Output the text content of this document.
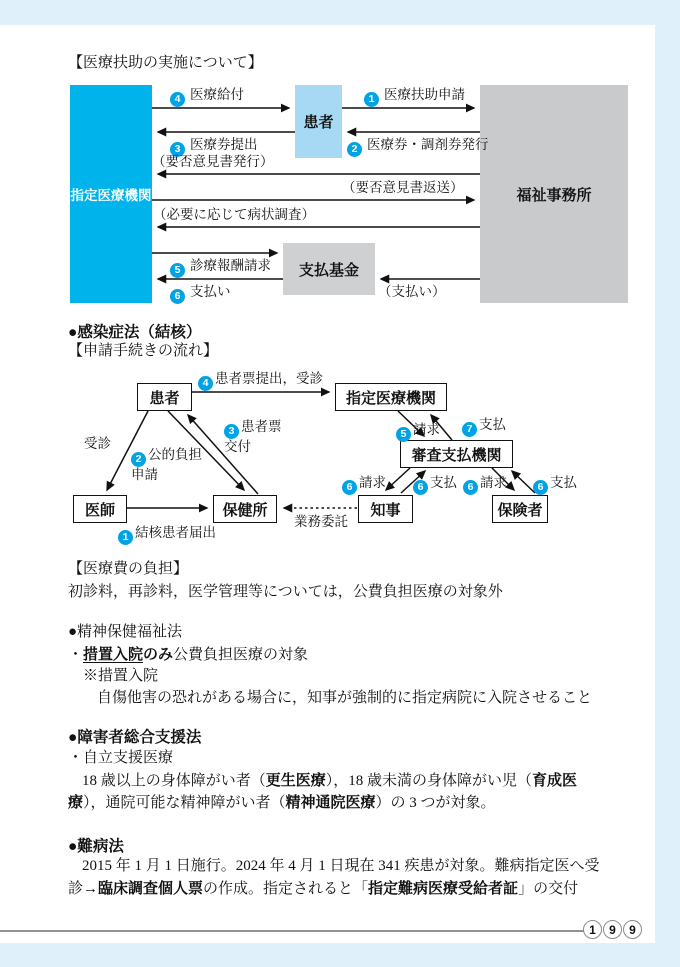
【医療扶助の実施について】
指定医療機関
患者
福祉事務所
支払基金
4 医療給付	1 医療扶助申請
3 医療券提出	2 医療券・調剤券発行
（要否意見書発行）
（要否意見書返送）
（必要に応じて病状調査）
5 診療報酬請求
6 支払い	（支払い）
●感染症法（結核）
【申請手続きの流れ】
患者	指定医療機関
審査支払機関
医師	保健所	知事	保険者
4 患者票提出，受診
受診
2 公的負担
申請
3 患者票
交付
1 結核患者届出
業務委託
5 請求	7 支払
6 請求	6 支払	6 請求	6 支払
【医療費の負担】
初診料，再診料，医学管理等については，公費負担医療の対象外
●精神保健福祉法
・措置入院のみ公費負担医療の対象
※措置入院
自傷他害の恐れがある場合に，知事が強制的に指定病院に入院させること
●障害者総合支援法
・自立支援医療
18 歳以上の身体障がい者（更生医療），18 歳未満の身体障がい児（育成医
療），通院可能な精神障がい者（精神通院医療）の 3 つが対象。
●難病法
2015 年 1 月 1 日施行。2024 年 4 月 1 日現在 341 疾患が対象。難病指定医へ受
診→臨床調査個人票の作成。指定されると「指定難病医療受給者証」の交付
1	9	9
